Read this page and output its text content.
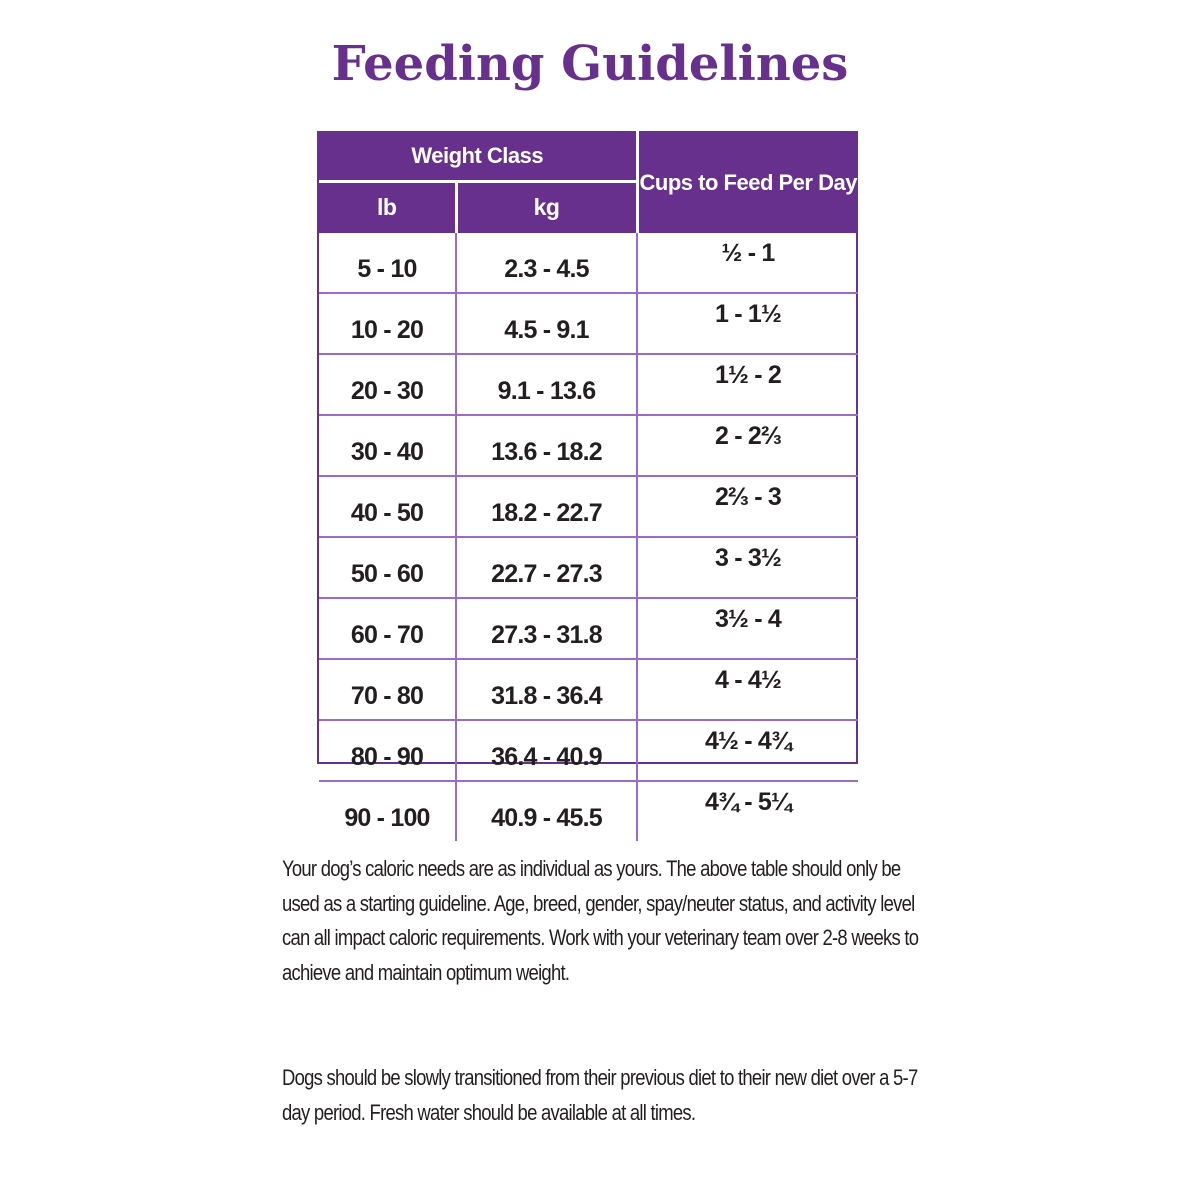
Feeding Guidelines
Weight Class		Cups to Feed Per Day
lb	kg	
5 - 10	2.3 - 4.5	½ - 1
10 - 20	4.5 - 9.1	1 - 1½
20 - 30	9.1 - 13.6	1½ - 2
30 - 40	13.6 - 18.2	2 - 2⅔
40 - 50	18.2 - 22.7	2⅔ - 3
50 - 60	22.7 - 27.3	3 - 3½
60 - 70	27.3 - 31.8	3½ - 4
70 - 80	31.8 - 36.4	4 - 4½
80 - 90	36.4 - 40.9	4½ - 4¾
90 - 100	40.9 - 45.5	4¾ - 5¼
Your dog’s caloric needs are as individual as yours. The above table should only be used as a starting guideline. Age, breed, gender, spay/neuter status, and activity level can all impact caloric requirements. Work with your veterinary team over 2-8 weeks to achieve and maintain optimum weight.
Dogs should be slowly transitioned from their previous diet to their new diet over a 5-7 day period. Fresh water should be available at all times.
